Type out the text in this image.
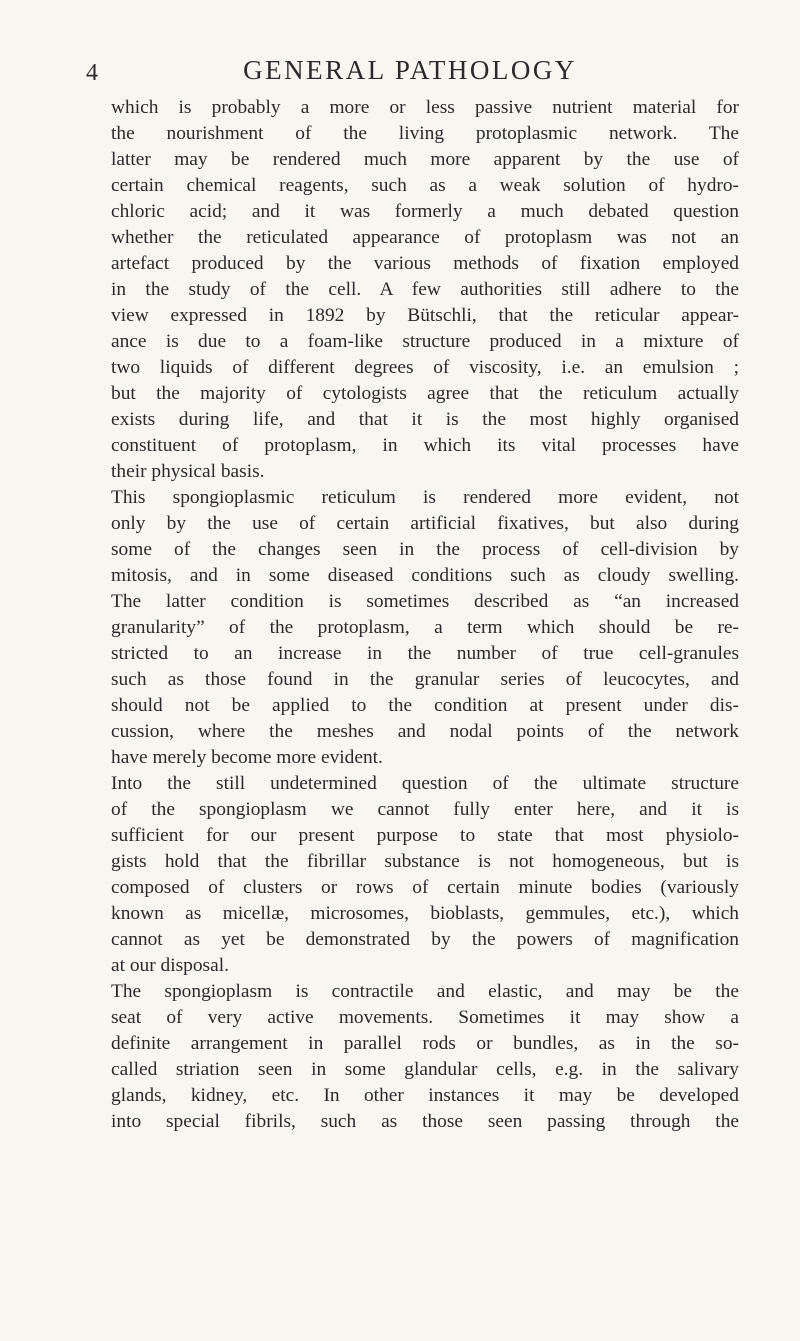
4	GENERAL PATHOLOGY
which is probably a more or less passive nutrient material for
the nourishment of the living protoplasmic network. The
latter may be rendered much more apparent by the use of
certain chemical reagents, such as a weak solution of hydro-
chloric acid; and it was formerly a much debated question
whether the reticulated appearance of protoplasm was not an
artefact produced by the various methods of fixation employed
in the study of the cell. A few authorities still adhere to the
view expressed in 1892 by Bütschli, that the reticular appear-
ance is due to a foam-like structure produced in a mixture of
two liquids of different degrees of viscosity, i.e. an emulsion ;
but the majority of cytologists agree that the reticulum actually
exists during life, and that it is the most highly organised
constituent of protoplasm, in which its vital processes have
their physical basis.
This spongioplasmic reticulum is rendered more evident, not
only by the use of certain artificial fixatives, but also during
some of the changes seen in the process of cell-division by
mitosis, and in some diseased conditions such as cloudy swelling.
The latter condition is sometimes described as “an increased
granularity” of the protoplasm, a term which should be re-
stricted to an increase in the number of true cell-granules
such as those found in the granular series of leucocytes, and
should not be applied to the condition at present under dis-
cussion, where the meshes and nodal points of the network
have merely become more evident.
Into the still undetermined question of the ultimate structure
of the spongioplasm we cannot fully enter here, and it is
sufficient for our present purpose to state that most physiolo-
gists hold that the fibrillar substance is not homogeneous, but is
composed of clusters or rows of certain minute bodies (variously
known as micellæ, microsomes, bioblasts, gemmules, etc.), which
cannot as yet be demonstrated by the powers of magnification
at our disposal.
The spongioplasm is contractile and elastic, and may be the
seat of very active movements. Sometimes it may show a
definite arrangement in parallel rods or bundles, as in the so-
called striation seen in some glandular cells, e.g. in the salivary
glands, kidney, etc. In other instances it may be developed
into special fibrils, such as those seen passing through the
